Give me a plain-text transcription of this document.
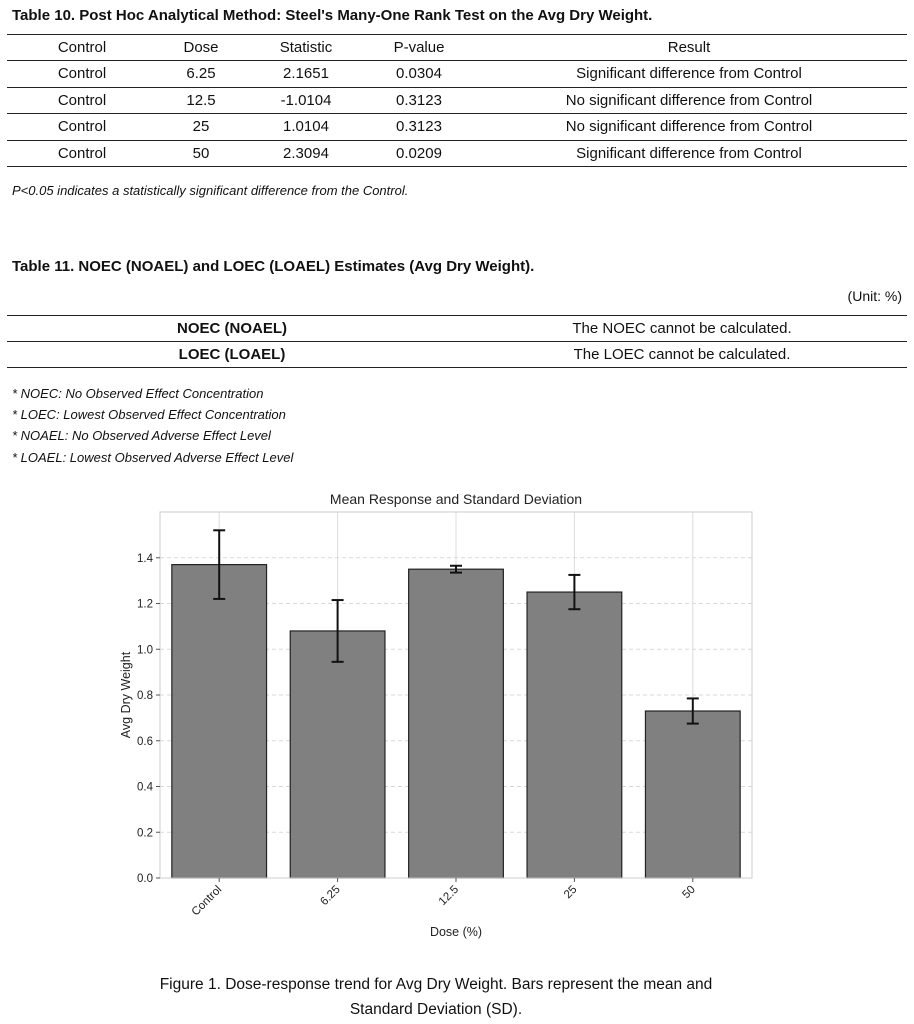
Table 10. Post Hoc Analytical Method: Steel's Many-One Rank Test on the Avg Dry Weight.
Control	Dose	Statistic	P-value	Result
Control	6.25	2.1651	0.0304	Significant difference from Control
Control	12.5	-1.0104	0.3123	No significant difference from Control
Control	25	1.0104	0.3123	No significant difference from Control
Control	50	2.3094	0.0209	Significant difference from Control
P<0.05 indicates a statistically significant difference from the Control.
Table 11. NOEC (NOAEL) and LOEC (LOAEL) Estimates (Avg Dry Weight).
(Unit: %)
NOEC (NOAEL)	The NOEC cannot be calculated.
LOEC (LOAEL)	The LOEC cannot be calculated.
* NOEC: No Observed Effect Concentration
* LOEC: Lowest Observed Effect Concentration
* NOAEL: No Observed Adverse Effect Level
* LOAEL: Lowest Observed Adverse Effect Level
Mean Response and Standard Deviation
0.0
0.2
0.4
0.6
0.8
1.0
1.2
1.4
Control	6.25	12.5	25	50
Dose (%)
Avg Dry Weight
Figure 1. Dose-response trend for Avg Dry Weight. Bars represent the mean and
Standard Deviation (SD).
